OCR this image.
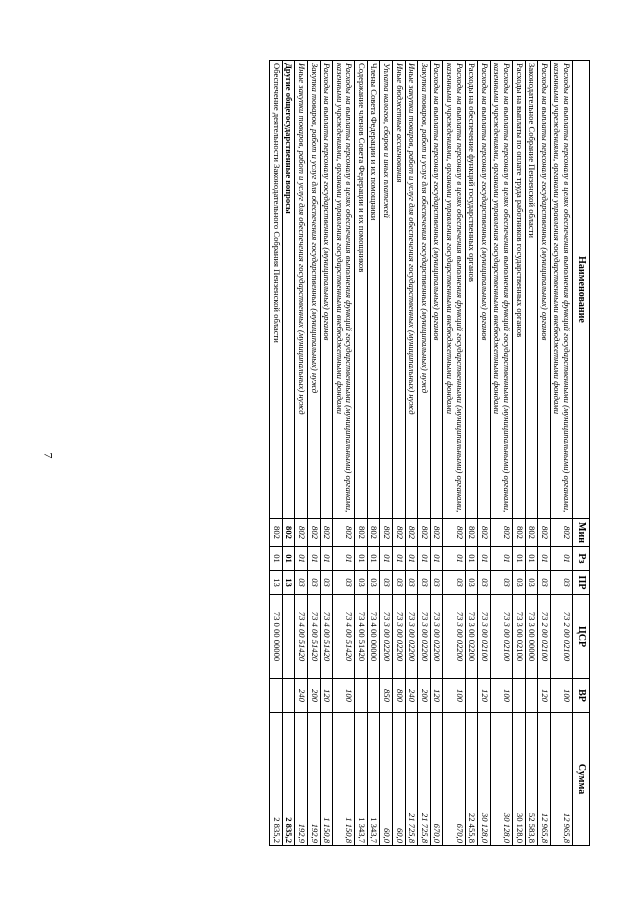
7
Наименование	Мин	Рз	ПР	ЦСР	ВР	Сумма
Расходы на выплаты персоналу в целях обеспечения выполнения функций государственными (муниципальными) органами, казенными учреждениями, органами управления государственными внебюджетными фондами	802	01	03	73 2 00 02100	100	12 965,8
Расходы на выплаты персоналу государственных (муниципальных) органов	802	01	03	73 2 00 02100	120	12 965,8
Законодательное Собрание Пензенской области	802	01	03	73 3 00 00000		52 583,8
Расходы на выплаты по оплате труда работников государственных органов	802	01	03	73 3 00 02100		30 128,0
Расходы на выплаты персоналу в целях обеспечения выполнения функций государственными (муниципальными) органами, казенными учреждениями, органами управления государственными внебюджетными фондами	802	01	03	73 3 00 02100	100	30 128,0
Расходы на выплаты персоналу государственных (муниципальных) органов	802	01	03	73 3 00 02100	120	30 128,0
Расходы на обеспечение функций государственных органов	802	01	03	73 3 00 02200		22 455,8
Расходы на выплаты персоналу в целях обеспечения выполнения функций государственными (муниципальными) органами, казенными учреждениями, органами управления государственными внебюджетными фондами	802	01	03	73 3 00 02200	100	670,0
Расходы на выплаты персоналу государственных (муниципальных) органов	802	01	03	73 3 00 02200	120	670,0
Закупка товаров, работ и услуг для обеспечения государственных (муниципальных) нужд	802	01	03	73 3 00 02200	200	21 725,8
Иные закупки товаров, работ и услуг для обеспечения государственных (муниципальных) нужд	802	01	03	73 3 00 02200	240	21 725,8
Иные бюджетные ассигнования	802	01	03	73 3 00 02200	800	60,0
Уплата налогов, сборов и иных платежей	802	01	03	73 3 00 02200	850	60,0
Члены Совета Федерации и их помощники	802	01	03	73 4 00 00000		1 343,7
Содержание членов Совета Федерации и их помощников	802	01	03	73 4 00 51420		1 343,7
Расходы на выплаты персоналу в целях обеспечения выполнения функций государственными (муниципальными) органами, казенными учреждениями, органами управления государственными внебюджетными фондами	802	01	03	73 4 00 51420	100	1 150,8
Расходы на выплаты персоналу государственных (муниципальных) органов	802	01	03	73 4 00 51420	120	1 150,8
Закупка товаров, работ и услуг для обеспечения государственных (муниципальных) нужд	802	01	03	73 4 00 51420	200	192,9
Иные закупки товаров, работ и услуг для обеспечения государственных (муниципальных) нужд	802	01	03	73 4 00 51420	240	192,9
Другие общегосударственные вопросы	802	01	13			2 835,2
Обеспечение деятельности Законодательного Собрания Пензенской области	802	01	13	73 0 00 00000		2 835,2
